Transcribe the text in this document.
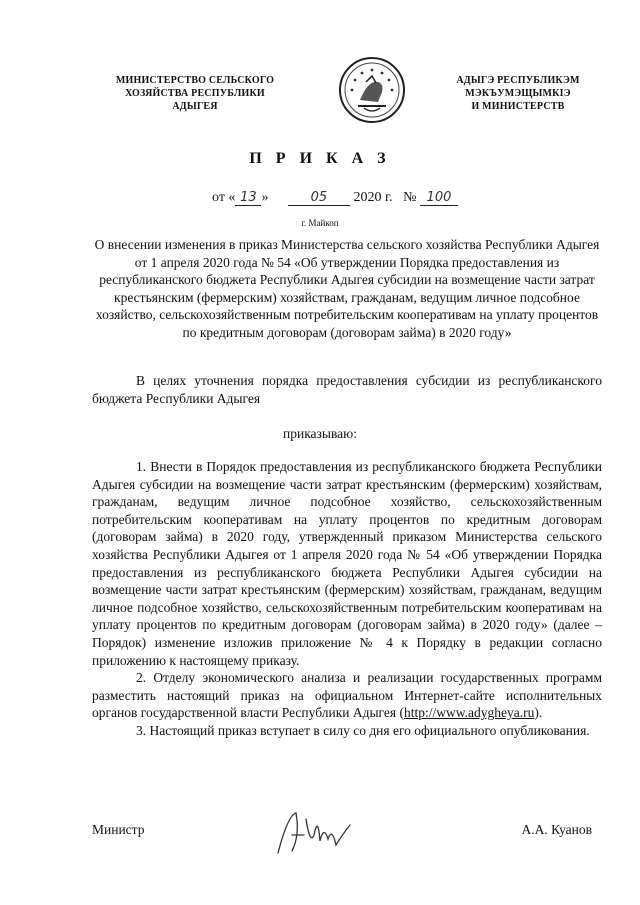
МИНИСТЕРСТВО СЕЛЬСКОГО
ХОЗЯЙСТВА РЕСПУБЛИКИ
АДЫГЕЯ
АДЫГЭ РЕСПУБЛИКЭМ
МЭКЪУМЭЩЫМКIЭ
И МИНИСТЕРСТВ
П Р И К А З
от « 13 »	05 2020 г. № 100
г. Майкоп
О внесении изменения в приказ Министерства сельского хозяйства Республики Адыгея от 1 апреля 2020 года № 54 «Об утверждении Порядка предоставления из республиканского бюджета Республики Адыгея субсидии на возмещение части затрат крестьянским (фермерским) хозяйствам, гражданам, ведущим личное подсобное хозяйство, сельскохозяйственным потребительским кооперативам на уплату процентов по кредитным договорам (договорам займа) в 2020 году»
В целях уточнения порядка предоставления субсидии из республиканского бюджета Республики Адыгея
приказываю:

1. Внести в Порядок предоставления из республиканского бюджета Республики Адыгея субсидии на возмещение части затрат крестьянским (фермерским) хозяйствам, гражданам, ведущим личное подсобное хозяйство, сельскохозяйственным потребительским кооперативам на уплату процентов по кредитным договорам (договорам займа) в 2020 году, утвержденный приказом Министерства сельского хозяйства Республики Адыгея от 1 апреля 2020 года № 54 «Об утверждении Порядка предоставления из республиканского бюджета Республики Адыгея субсидии на возмещение части затрат крестьянским (фермерским) хозяйствам, гражданам, ведущим личное подсобное хозяйство, сельскохозяйственным потребительским кооперативам на уплату процентов по кредитным договорам (договорам займа) в 2020 году» (далее – Порядок) изменение изложив приложение № 4 к Порядку в редакции согласно приложению к настоящему приказу.

2. Отделу экономического анализа и реализации государственных программ разместить настоящий приказ на официальном Интернет-сайте исполнительных органов государственной власти Республики Адыгея (http://www.adygheya.ru).

3. Настоящий приказ вступает в силу со дня его официального опубликования.

Министр	А.А. Куанов
